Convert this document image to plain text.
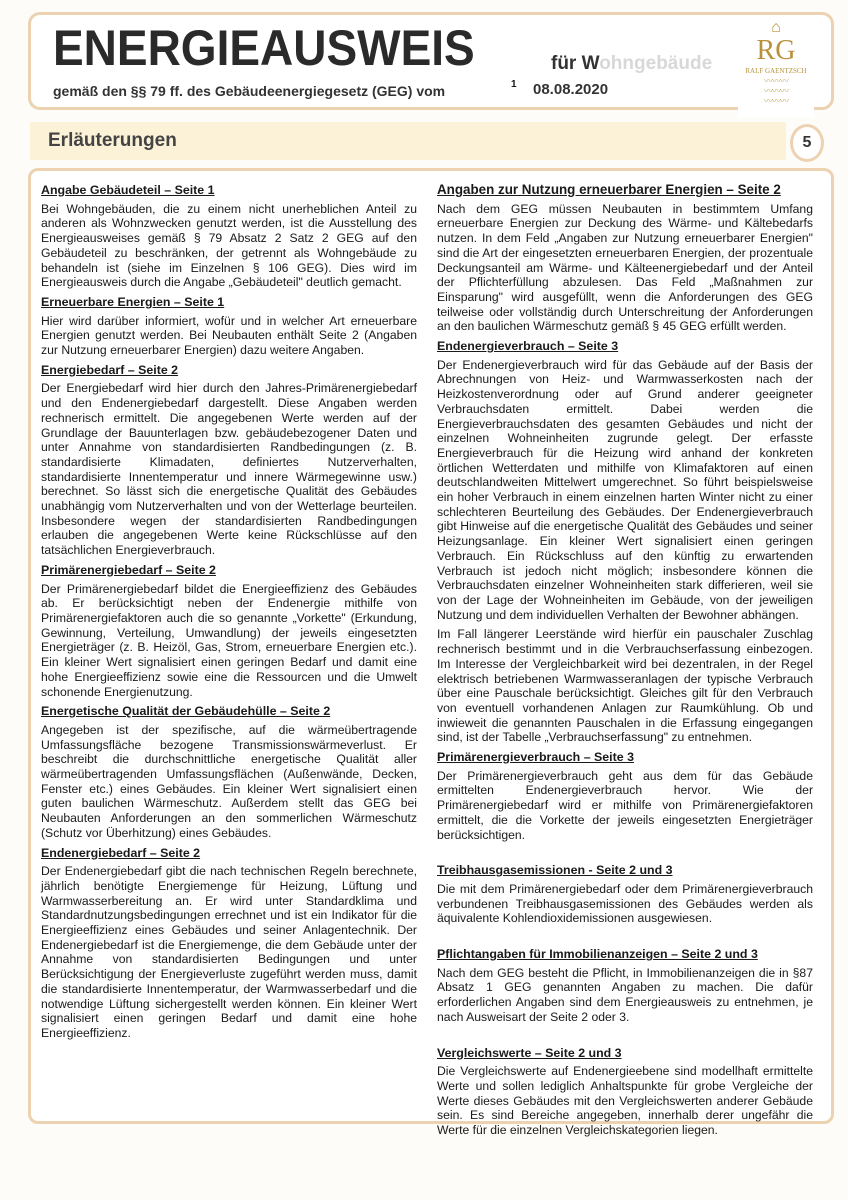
ENERGIEAUSWEIS	für Wohngebäude
gemäß den §§ 79 ff. des Gebäudeenergiegesetz (GEG) vom	1 08.08.2020
⌂
RG
RALF GAENTZSCH
〰〰〰
〰〰〰
〰〰〰
Erläuterungen	5
Angabe Gebäudeteil – Seite 1

Bei Wohngebäuden, die zu einem nicht unerheblichen Anteil zu anderen als Wohnzwecken genutzt werden, ist die Ausstellung des Energieausweises gemäß § 79 Absatz 2 Satz 2 GEG auf den Gebäudeteil zu beschränken, der getrennt als Wohngebäude zu behandeln ist (siehe im Einzelnen § 106 GEG). Dies wird im Energieausweis durch die Angabe „Gebäudeteil" deutlich gemacht.

Erneuerbare Energien – Seite 1

Hier wird darüber informiert, wofür und in welcher Art erneuerbare Energien genutzt werden. Bei Neubauten enthält Seite 2 (Angaben zur Nutzung erneuerbarer Energien) dazu weitere Angaben.

Energiebedarf – Seite 2

Der Energiebedarf wird hier durch den Jahres-Primärenergiebedarf und den Endenergiebedarf dargestellt. Diese Angaben werden rechnerisch ermittelt. Die angegebenen Werte werden auf der Grundlage der Bauunterlagen bzw. gebäudebezogener Daten und unter Annahme von standardisierten Randbedingungen (z. B. standardisierte Klimadaten, definiertes Nutzerverhalten, standardisierte Innentemperatur und innere Wärmegewinne usw.) berechnet. So lässt sich die energetische Qualität des Gebäudes unabhängig vom Nutzerverhalten und von der Wetterlage beurteilen. Insbesondere wegen der standardisierten Randbedingungen erlauben die angegebenen Werte keine Rückschlüsse auf den tatsächlichen Energieverbrauch.

Primärenergiebedarf – Seite 2

Der Primärenergiebedarf bildet die Energieeffizienz des Gebäudes ab. Er berücksichtigt neben der Endenergie mithilfe von Primärenergiefaktoren auch die so genannte „Vorkette" (Erkundung, Gewinnung, Verteilung, Umwandlung) der jeweils eingesetzten Energieträger (z. B. Heizöl, Gas, Strom, erneuerbare Energien etc.). Ein kleiner Wert signalisiert einen geringen Bedarf und damit eine hohe Energieeffizienz sowie eine die Ressourcen und die Umwelt schonende Energienutzung.

Energetische Qualität der Gebäudehülle – Seite 2

Angegeben ist der spezifische, auf die wärmeübertragende Umfassungsfläche bezogene Transmissionswärmeverlust. Er beschreibt die durchschnittliche energetische Qualität aller wärmeübertragenden Umfassungsflächen (Außenwände, Decken, Fenster etc.) eines Gebäudes. Ein kleiner Wert signalisiert einen guten baulichen Wärmeschutz. Außerdem stellt das GEG bei Neubauten Anforderungen an den sommerlichen Wärmeschutz (Schutz vor Überhitzung) eines Gebäudes.

Endenergiebedarf – Seite 2

Der Endenergiebedarf gibt die nach technischen Regeln berechnete, jährlich benötigte Energiemenge für Heizung, Lüftung und Warmwasserbereitung an. Er wird unter Standardklima und Standardnutzungsbedingungen errechnet und ist ein Indikator für die Energieeffizienz eines Gebäudes und seiner Anlagentechnik. Der Endenergiebedarf ist die Energiemenge, die dem Gebäude unter der Annahme von standardisierten Bedingungen und unter Berücksichtigung der Energieverluste zugeführt werden muss, damit die standardisierte Innentemperatur, der Warmwasserbedarf und die notwendige Lüftung sichergestellt werden können. Ein kleiner Wert signalisiert einen geringen Bedarf und damit eine hohe Energieeffizienz.

Angaben zur Nutzung erneuerbarer Energien – Seite 2

Nach dem GEG müssen Neubauten in bestimmtem Umfang erneuerbare Energien zur Deckung des Wärme- und Kältebedarfs nutzen. In dem Feld „Angaben zur Nutzung erneuerbarer Energien" sind die Art der eingesetzten erneuerbaren Energien, der prozentuale Deckungsanteil am Wärme- und Kälteenergiebedarf und der Anteil der Pflichterfüllung abzulesen. Das Feld „Maßnahmen zur Einsparung" wird ausgefüllt, wenn die Anforderungen des GEG teilweise oder vollständig durch Unterschreitung der Anforderungen an den baulichen Wärmeschutz gemäß § 45 GEG erfüllt werden.

Endenergieverbrauch – Seite 3

Der Endenergieverbrauch wird für das Gebäude auf der Basis der Abrechnungen von Heiz- und Warmwasserkosten nach der Heizkostenverordnung oder auf Grund anderer geeigneter Verbrauchsdaten ermittelt. Dabei werden die Energieverbrauchsdaten des gesamten Gebäudes und nicht der einzelnen Wohneinheiten zugrunde gelegt. Der erfasste Energieverbrauch für die Heizung wird anhand der konkreten örtlichen Wetterdaten und mithilfe von Klimafaktoren auf einen deutschlandweiten Mittelwert umgerechnet. So führt beispielsweise ein hoher Verbrauch in einem einzelnen harten Winter nicht zu einer schlechteren Beurteilung des Gebäudes. Der Endenergieverbrauch gibt Hinweise auf die energetische Qualität des Gebäudes und seiner Heizungsanlage. Ein kleiner Wert signalisiert einen geringen Verbrauch. Ein Rückschluss auf den künftig zu erwartenden Verbrauch ist jedoch nicht möglich; insbesondere können die Verbrauchsdaten einzelner Wohneinheiten stark differieren, weil sie von der Lage der Wohneinheiten im Gebäude, von der jeweiligen Nutzung und dem individuellen Verhalten der Bewohner abhängen.

Im Fall längerer Leerstände wird hierfür ein pauschaler Zuschlag rechnerisch bestimmt und in die Verbrauchserfassung einbezogen. Im Interesse der Vergleichbarkeit wird bei dezentralen, in der Regel elektrisch betriebenen Warmwasseranlagen der typische Verbrauch über eine Pauschale berücksichtigt. Gleiches gilt für den Verbrauch von eventuell vorhandenen Anlagen zur Raumkühlung. Ob und inwieweit die genannten Pauschalen in die Erfassung eingegangen sind, ist der Tabelle „Verbrauchserfassung" zu entnehmen.

Primärenergieverbrauch – Seite 3

Der Primärenergieverbrauch geht aus dem für das Gebäude ermittelten Endenergieverbrauch hervor. Wie der Primärenergiebedarf wird er mithilfe von Primärenergiefaktoren ermittelt, die die Vorkette der jeweils eingesetzten Energieträger berücksichtigen.

Treibhausgasemissionen - Seite 2 und 3

Die mit dem Primärenergiebedarf oder dem Primärenergieverbrauch verbundenen Treibhausgasemissionen des Gebäudes werden als äquivalente Kohlendioxidemissionen ausgewiesen.

Pflichtangaben für Immobilienanzeigen – Seite 2 und 3

Nach dem GEG besteht die Pflicht, in Immobilienanzeigen die in §87 Absatz 1 GEG genannten Angaben zu machen. Die dafür erforderlichen Angaben sind dem Energieausweis zu entnehmen, je nach Ausweisart der Seite 2 oder 3.

Vergleichswerte – Seite 2 und 3

Die Vergleichswerte auf Endenergieebene sind modellhaft ermittelte Werte und sollen lediglich Anhaltspunkte für grobe Vergleiche der Werte dieses Gebäudes mit den Vergleichswerten anderer Gebäude sein. Es sind Bereiche angegeben, innerhalb derer ungefähr die Werte für die einzelnen Vergleichskategorien liegen.
